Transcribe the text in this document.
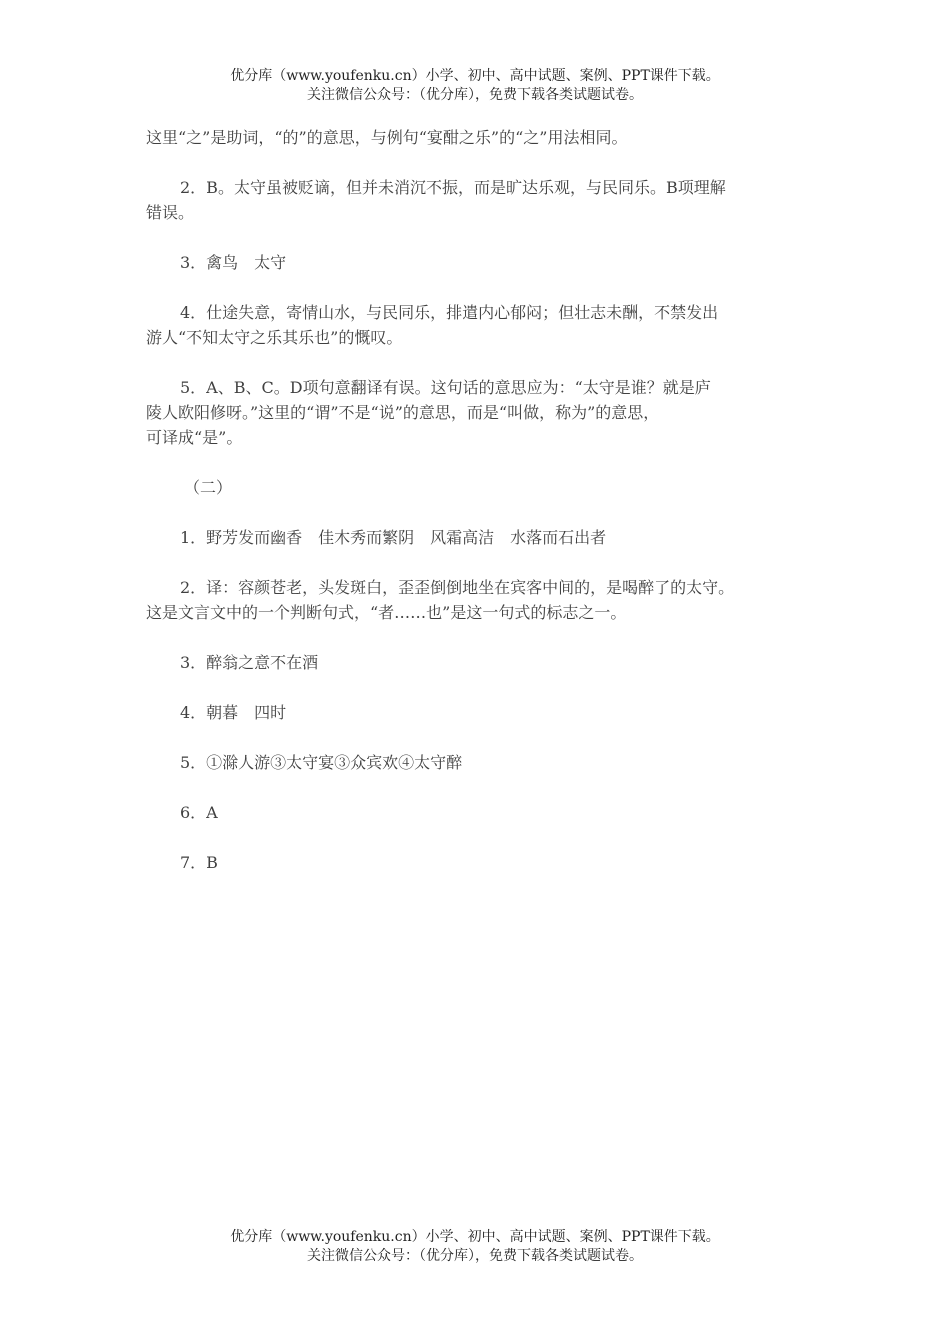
优分库（www.youfenku.cn）小学、初中、高中试题、案例、PPT课件下载。
关注微信公众号：（优分库），免费下载各类试题试卷。

这里“之”是助词，“的”的意思，与例句“宴酣之乐”的“之”用法相同。

2．B。太守虽被贬谪，但并未消沉不振，而是旷达乐观，与民同乐。B项理解

错误。

3．禽鸟　太守

4．仕途失意，寄情山水，与民同乐，排遣内心郁闷；但壮志未酬，不禁发出

游人“不知太守之乐其乐也”的慨叹。

5．A、B、C。D项句意翻译有误。这句话的意思应为：“太守是谁？就是庐

陵人欧阳修呀。”这里的“谓”不是“说”的意思，而是“叫做，称为”的意思，

可译成“是”。

（二）

1．野芳发而幽香　佳木秀而繁阴　风霜高洁　水落而石出者

2．译：容颜苍老，头发斑白，歪歪倒倒地坐在宾客中间的，是喝醉了的太守。

这是文言文中的一个判断句式，“者……也”是这一句式的标志之一。

3．醉翁之意不在酒

4．朝暮　四时

5．①滁人游③太守宴③众宾欢④太守醉

6．A

7．B

优分库（www.youfenku.cn）小学、初中、高中试题、案例、PPT课件下载。
关注微信公众号：（优分库），免费下载各类试题试卷。
